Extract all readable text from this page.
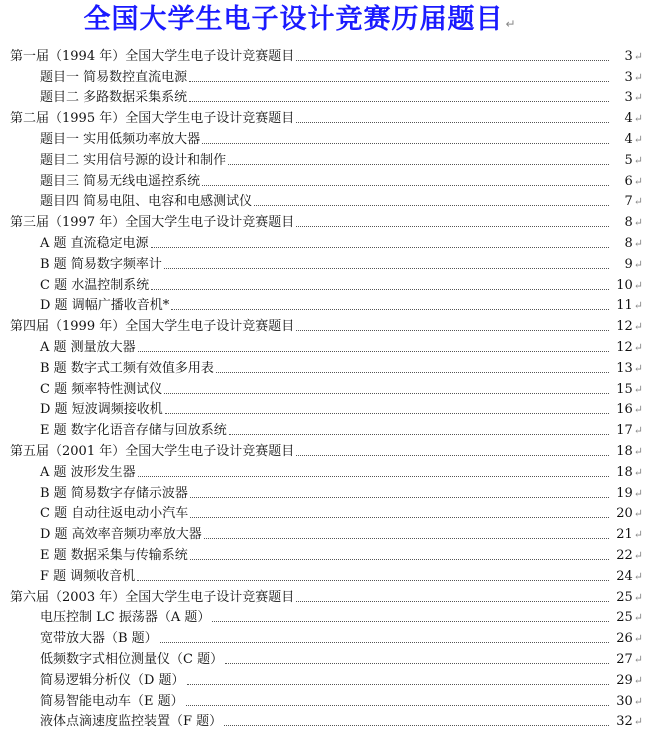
全国大学生电子设计竞赛历届题目 ↵
第一届（1994 年）全国大学生电子设计竞赛题目	3↵
题目一 简易数控直流电源	3↵
题目二 多路数据采集系统	3↵
第二届（1995 年）全国大学生电子设计竞赛题目	4↵
题目一 实用低频功率放大器	4↵
题目二 实用信号源的设计和制作	5↵
题目三 简易无线电遥控系统	6↵
题目四 简易电阻、电容和电感测试仪	7↵
第三届（1997 年）全国大学生电子设计竞赛题目	8↵
A 题 直流稳定电源	8↵
B 题 简易数字频率计	9↵
C 题 水温控制系统	10↵
D 题 调幅广播收音机*	11↵
第四届（1999 年）全国大学生电子设计竞赛题目	12↵
A 题 测量放大器	12↵
B 题 数字式工频有效值多用表	13↵
C 题 频率特性测试仪	15↵
D 题 短波调频接收机	16↵
E 题 数字化语音存储与回放系统	17↵
第五届（2001 年）全国大学生电子设计竞赛题目	18↵
A 题 波形发生器	18↵
B 题 简易数字存储示波器	19↵
C 题 自动往返电动小汽车	20↵
D 题 高效率音频功率放大器	21↵
E 题 数据采集与传输系统	22↵
F 题 调频收音机	24↵
第六届（2003 年）全国大学生电子设计竞赛题目	25↵
电压控制 LC 振荡器（A 题）	25↵
宽带放大器（B 题）	26↵
低频数字式相位测量仪（C 题）	27↵
简易逻辑分析仪（D 题）	29↵
简易智能电动车（E 题）	30↵
液体点滴速度监控装置（F 题）	32↵
